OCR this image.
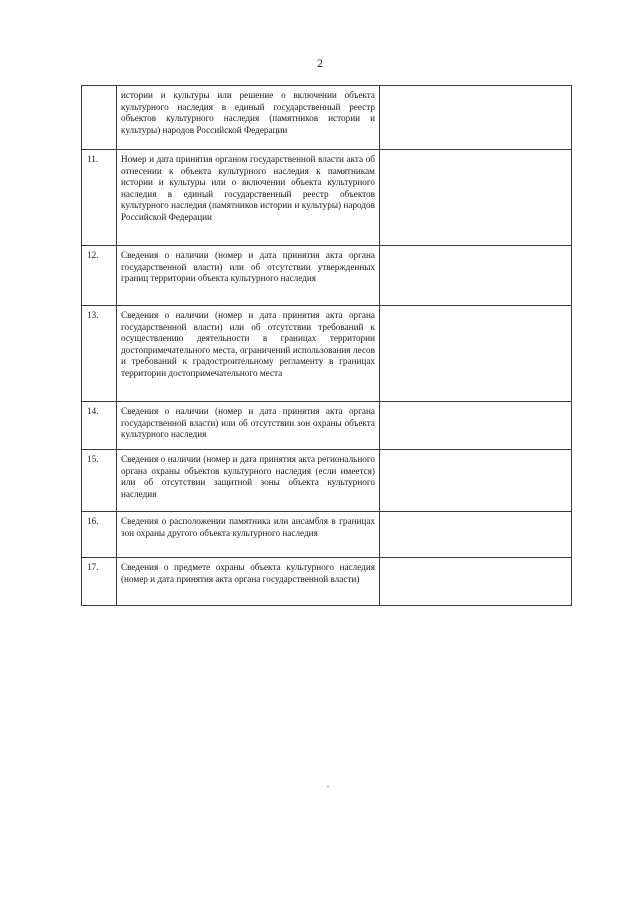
2
	истории и культуры или решение о включении объекта культурного наследия в единый государственный реестр объектов культурного наследия (памятников истории и культуры) народов Российской Федерации	
11.	Номер и дата принятия органом государственной власти акта об отнесении к объекта культурного наследия к памятникам истории и культуры или о включении объекта культурного наследия в единый государственный реестр объектов культурного наследия (памятников истории и культуры) народов Российской Федерации	
12.	Сведения о наличии (номер и дата принятия акта органа государственной власти) или об отсутствии утвержденных границ территории объекта культурного наследия	
13.	Сведения о наличии (номер и дата принятия акта органа государственной власти) или об отсутствии требований к осуществлению деятельности в границах территории достопримечательного места, ограничений использования лесов и требований к градостроительному регламенту в границах территории достопримечательного места	
14.	Сведения о наличии (номер и дата принятия акта органа государственной власти) или об отсутствии зон охраны объекта культурного наследия	
15.	Сведения о наличии (номер и дата принятия акта регионального органа охраны объектов культурного наследия (если имеется) или об отсутствии защитной зоны объекта культурного наследия	
16.	Сведения о расположении памятника или ансамбля в границах зон охраны другого объекта культурного наследия	
17.	Сведения о предмете охраны объекта культурного наследия (номер и дата принятия акта органа государственной власти)	
